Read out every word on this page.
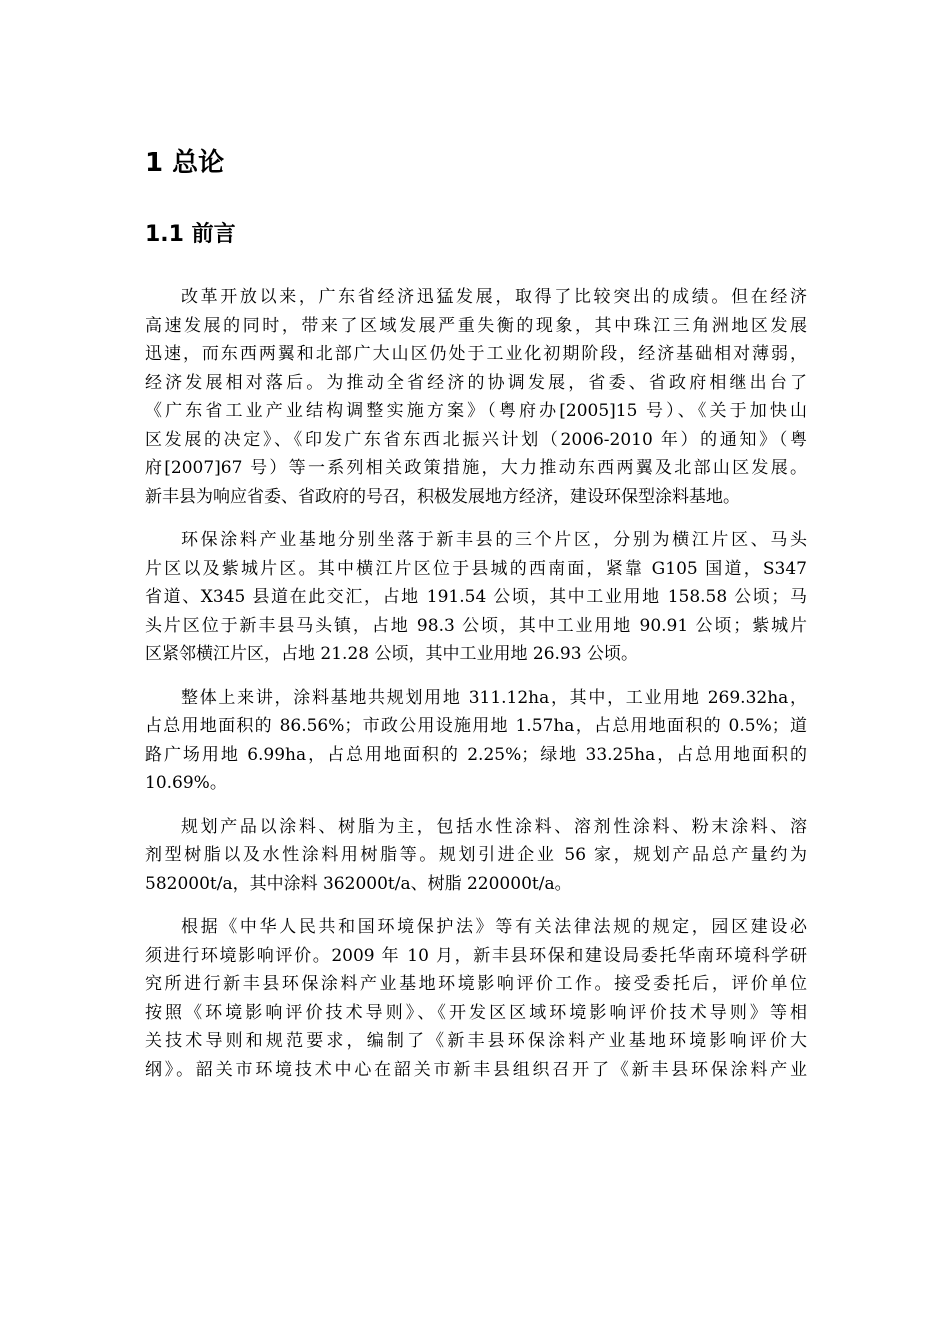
1 总论
1.1 前言

改革开放以来，广东省经济迅猛发展，取得了比较突出的成绩。但在经济
高速发展的同时，带来了区域发展严重失衡的现象，其中珠江三角洲地区发展
迅速，而东西两翼和北部广大山区仍处于工业化初期阶段，经济基础相对薄弱，
经济发展相对落后。为推动全省经济的协调发展，省委、省政府相继出台了
《广东省工业产业结构调整实施方案》（粤府办[2005]15 号）、《关于加快山
区发展的决定》、《印发广东省东西北振兴计划（2006-2010 年）的通知》（粤
府[2007]67 号）等一系列相关政策措施，大力推动东西两翼及北部山区发展。
新丰县为响应省委、省政府的号召，积极发展地方经济，建设环保型涂料基地。

环保涂料产业基地分别坐落于新丰县的三个片区，分别为横江片区、马头
片区以及紫城片区。其中横江片区位于县城的西南面，紧靠 G105 国道，S347
省道、X345 县道在此交汇，占地 191.54 公顷，其中工业用地 158.58 公顷；马
头片区位于新丰县马头镇，占地 98.3 公顷，其中工业用地 90.91 公顷；紫城片
区紧邻横江片区，占地 21.28 公顷，其中工业用地 26.93 公顷。

整体上来讲，涂料基地共规划用地 311.12ha，其中，工业用地 269.32ha，
占总用地面积的 86.56%；市政公用设施用地 1.57ha，占总用地面积的 0.5%；道
路广场用地 6.99ha，占总用地面积的 2.25%；绿地 33.25ha，占总用地面积的
10.69%。

规划产品以涂料、树脂为主，包括水性涂料、溶剂性涂料、粉末涂料、溶
剂型树脂以及水性涂料用树脂等。规划引进企业 56 家，规划产品总产量约为
582000t/a，其中涂料 362000t/a、树脂 220000t/a。

根据《中华人民共和国环境保护法》等有关法律法规的规定，园区建设必
须进行环境影响评价。2009 年 10 月，新丰县环保和建设局委托华南环境科学研
究所进行新丰县环保涂料产业基地环境影响评价工作。接受委托后，评价单位
按照《环境影响评价技术导则》、《开发区区域环境影响评价技术导则》等相
关技术导则和规范要求，编制了《新丰县环保涂料产业基地环境影响评价大
纲》。韶关市环境技术中心在韶关市新丰县组织召开了《新丰县环保涂料产业
